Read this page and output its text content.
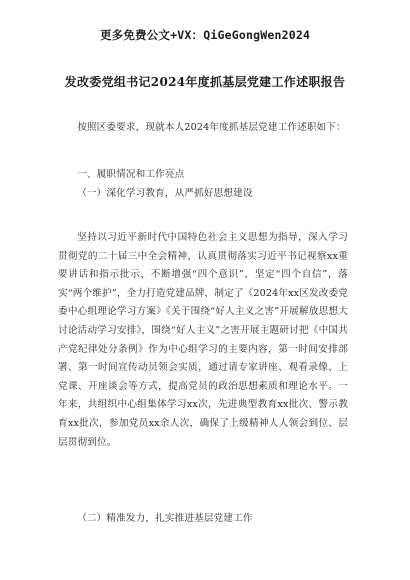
更多免费公文+VX：QiGeGongWen2024
发改委党组书记2024年度抓基层党建工作述职报告

按照区委要求，现就本人2024年度抓基层党建工作述职如下：

一、履职情况和工作亮点
（一）深化学习教育，从严抓好思想建设

坚持以习近平新时代中国特色社会主义思想为指导，深入学习贯彻党的二十届三中全会精神，认真贯彻落实习近平书记视察xx重要讲话和指示批示，不断增强“四个意识”，坚定“四个自信”，落实“两个维护”，全力打造党建品牌，制定了《2024年xx区发改委党委中心组理论学习方案》《关于围绕“好人主义之害”开展解放思想大讨论活动学习安排》，围绕“好人主义”之害开展主题研讨把《中国共产党纪律处分条例》作为中心组学习的主要内容，第一时间安排部署、第一时间宣传动员领会实质，通过请专家讲座、观看录像、上党课、开座谈会等方式，提高党员的政治思想素质和理论水平。一年来，共组织中心组集体学习xx次，先进典型教育xx批次、警示教育xx批次，参加党员xx余人次，确保了上级精神人人领会到位、层层贯彻到位。

（二）精准发力，扎实推进基层党建工作
